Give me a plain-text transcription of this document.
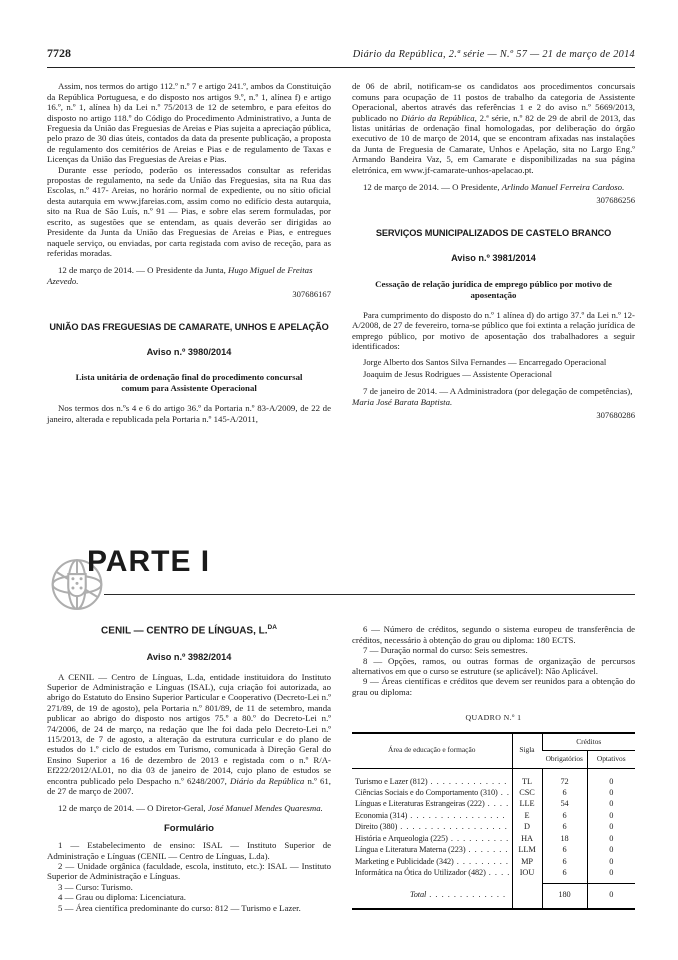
7728	Diário da República, 2.ª série — N.º 57 — 21 de março de 2014

Assim, nos termos do artigo 112.º n.º 7 e artigo 241.º, ambos da Constituição da República Portuguesa, e do disposto nos artigos 9.º, n.º 1, alínea f) e artigo 16.º, n.º 1, alínea h) da Lei n.º 75/2013 de 12 de setembro, e para efeitos do disposto no artigo 118.º do Código do Procedimento Administrativo, a Junta de Freguesia da União das Freguesias de Areias e Pias sujeita a apreciação pública, pelo prazo de 30 dias úteis, contados da data da presente publicação, a proposta de regulamento dos cemitérios de Areias e Pias e de regulamento de Taxas e Licenças da União das Freguesias de Areias e Pias.

Durante esse período, poderão os interessados consultar as referidas propostas de regulamento, na sede da União das Freguesias, sita na Rua das Escolas, n.º 417- Areias, no horário normal de expediente, ou no sítio oficial desta autarquia em www.jfareias.com, assim como no edifício desta autarquia, sito na Rua de São Luís, n.º 91 — Pias, e sobre elas serem formuladas, por escrito, as sugestões que se entendam, as quais deverão ser dirigidas ao Presidente da Junta da União das Freguesias de Areias e Pias, e entregues naquele serviço, ou enviadas, por carta registada com aviso de receção, para as referidas moradas.

12 de março de 2014. — O Presidente da Junta, Hugo Miguel de Freitas Azevedo.

307686167
UNIÃO DAS FREGUESIAS DE CAMARATE, UNHOS E APELAÇÃO
Aviso n.º 3980/2014
Lista unitária de ordenação final do procedimento concursal comum para Assistente Operacional

Nos termos dos n.ºs 4 e 6 do artigo 36.º da Portaria n.º 83-A/2009, de 22 de janeiro, alterada e republicada pela Portaria n.º 145-A/2011,

de 06 de abril, notificam-se os candidatos aos procedimentos concursais comuns para ocupação de 11 postos de trabalho da categoria de Assistente Operacional, abertos através das referências 1 e 2 do aviso n.º 5669/2013, publicado no Diário da República, 2.ª série, n.º 82 de 29 de abril de 2013, das listas unitárias de ordenação final homologadas, por deliberação do órgão executivo de 10 de março de 2014, que se encontram afixadas nas instalações da Junta de Freguesia de Camarate, Unhos e Apelação, sita no Largo Eng.º Armando Bandeira Vaz, 5, em Camarate e disponibilizadas na sua página eletrónica, em www.jf-camarate-unhos-apelacao.pt.

12 de março de 2014. — O Presidente, Arlindo Manuel Ferreira Cardoso.

307686256
SERVIÇOS MUNICIPALIZADOS DE CASTELO BRANCO
Aviso n.º 3981/2014
Cessação de relação jurídica de emprego público por motivo de aposentação

Para cumprimento do disposto do n.º 1 alínea d) do artigo 37.º da Lei n.º 12-A/2008, de 27 de fevereiro, torna-se público que foi extinta a relação jurídica de emprego público, por motivo de aposentação dos trabalhadores a seguir identificados:

Jorge Alberto dos Santos Silva Fernandes — Encarregado Operacional
Joaquim de Jesus Rodrigues — Assistente Operacional

7 de janeiro de 2014. — A Administradora (por delegação de competências), Maria José Barata Baptista.

307680286
PARTE I
CENIL — CENTRO DE LÍNGUAS, L.$^{DA}$
Aviso n.º 3982/2014

A CENIL — Centro de Línguas, L.da, entidade instituidora do Instituto Superior de Administração e Línguas (ISAL), cuja criação foi autorizada, ao abrigo do Estatuto do Ensino Superior Particular e Cooperativo (Decreto-Lei n.º 271/89, de 19 de agosto), pela Portaria n.º 801/89, de 11 de setembro, manda publicar ao abrigo do disposto nos artigos 75.º a 80.º do Decreto-Lei n.º 74/2006, de 24 de março, na redação que lhe foi dada pelo Decreto-Lei n.º 115/2013, de 7 de agosto, a alteração da estrutura curricular e do plano de estudos do 1.º ciclo de estudos em Turismo, comunicada à Direção Geral do Ensino Superior a 16 de dezembro de 2013 e registada com o n.º R/A-Ef222/2012/AL01, no dia 03 de janeiro de 2014, cujo plano de estudos se encontra publicado pelo Despacho n.º 6248/2007, Diário da República n.º 61, de 27 de março de 2007.

12 de março de 2014. — O Diretor-Geral, José Manuel Mendes Quaresma.

Formulário

1 — Estabelecimento de ensino: ISAL — Instituto Superior de Administração e Línguas (CENIL — Centro de Línguas, L.da).

2 — Unidade orgânica (faculdade, escola, instituto, etc.): ISAL — Instituto Superior de Administração e Línguas.

3 — Curso: Turismo.

4 — Grau ou diploma: Licenciatura.

5 — Área científica predominante do curso: 812 — Turismo e Lazer.

6 — Número de créditos, segundo o sistema europeu de transferência de créditos, necessário à obtenção do grau ou diploma: 180 ECTS.

7 — Duração normal do curso: Seis semestres.

8 — Opções, ramos, ou outras formas de organização de percursos alternativos em que o curso se estruture (se aplicável): Não Aplicável.

9 — Áreas científicas e créditos que devem ser reunidos para a obtenção do grau ou diploma:

QUADRO N.º 1
Área de educação e formação	Sigla	Créditos	
		Obrigatórios	Optativos

Turismo e Lazer (812)
. . .	TL	72	0

Ciências Sociais e do Comportamento (310)
. . .	CSC	6	0

Línguas e Literaturas Estrangeiras (222)
. . .	LLE	54	0

Economia (314)
. . .	E	6	0

Direito (380)
. . .	D	6	0

História e Arqueologia (225)
. . .	HA	18	0

Língua e Literatura Materna (223)
. . .	LLM	6	0

Marketing e Publicidade (342)
. . .	MP	6	0

Informática na Ótica do Utilizador (482)
. . .	IOU	6	0

Total
. . .		180	0
